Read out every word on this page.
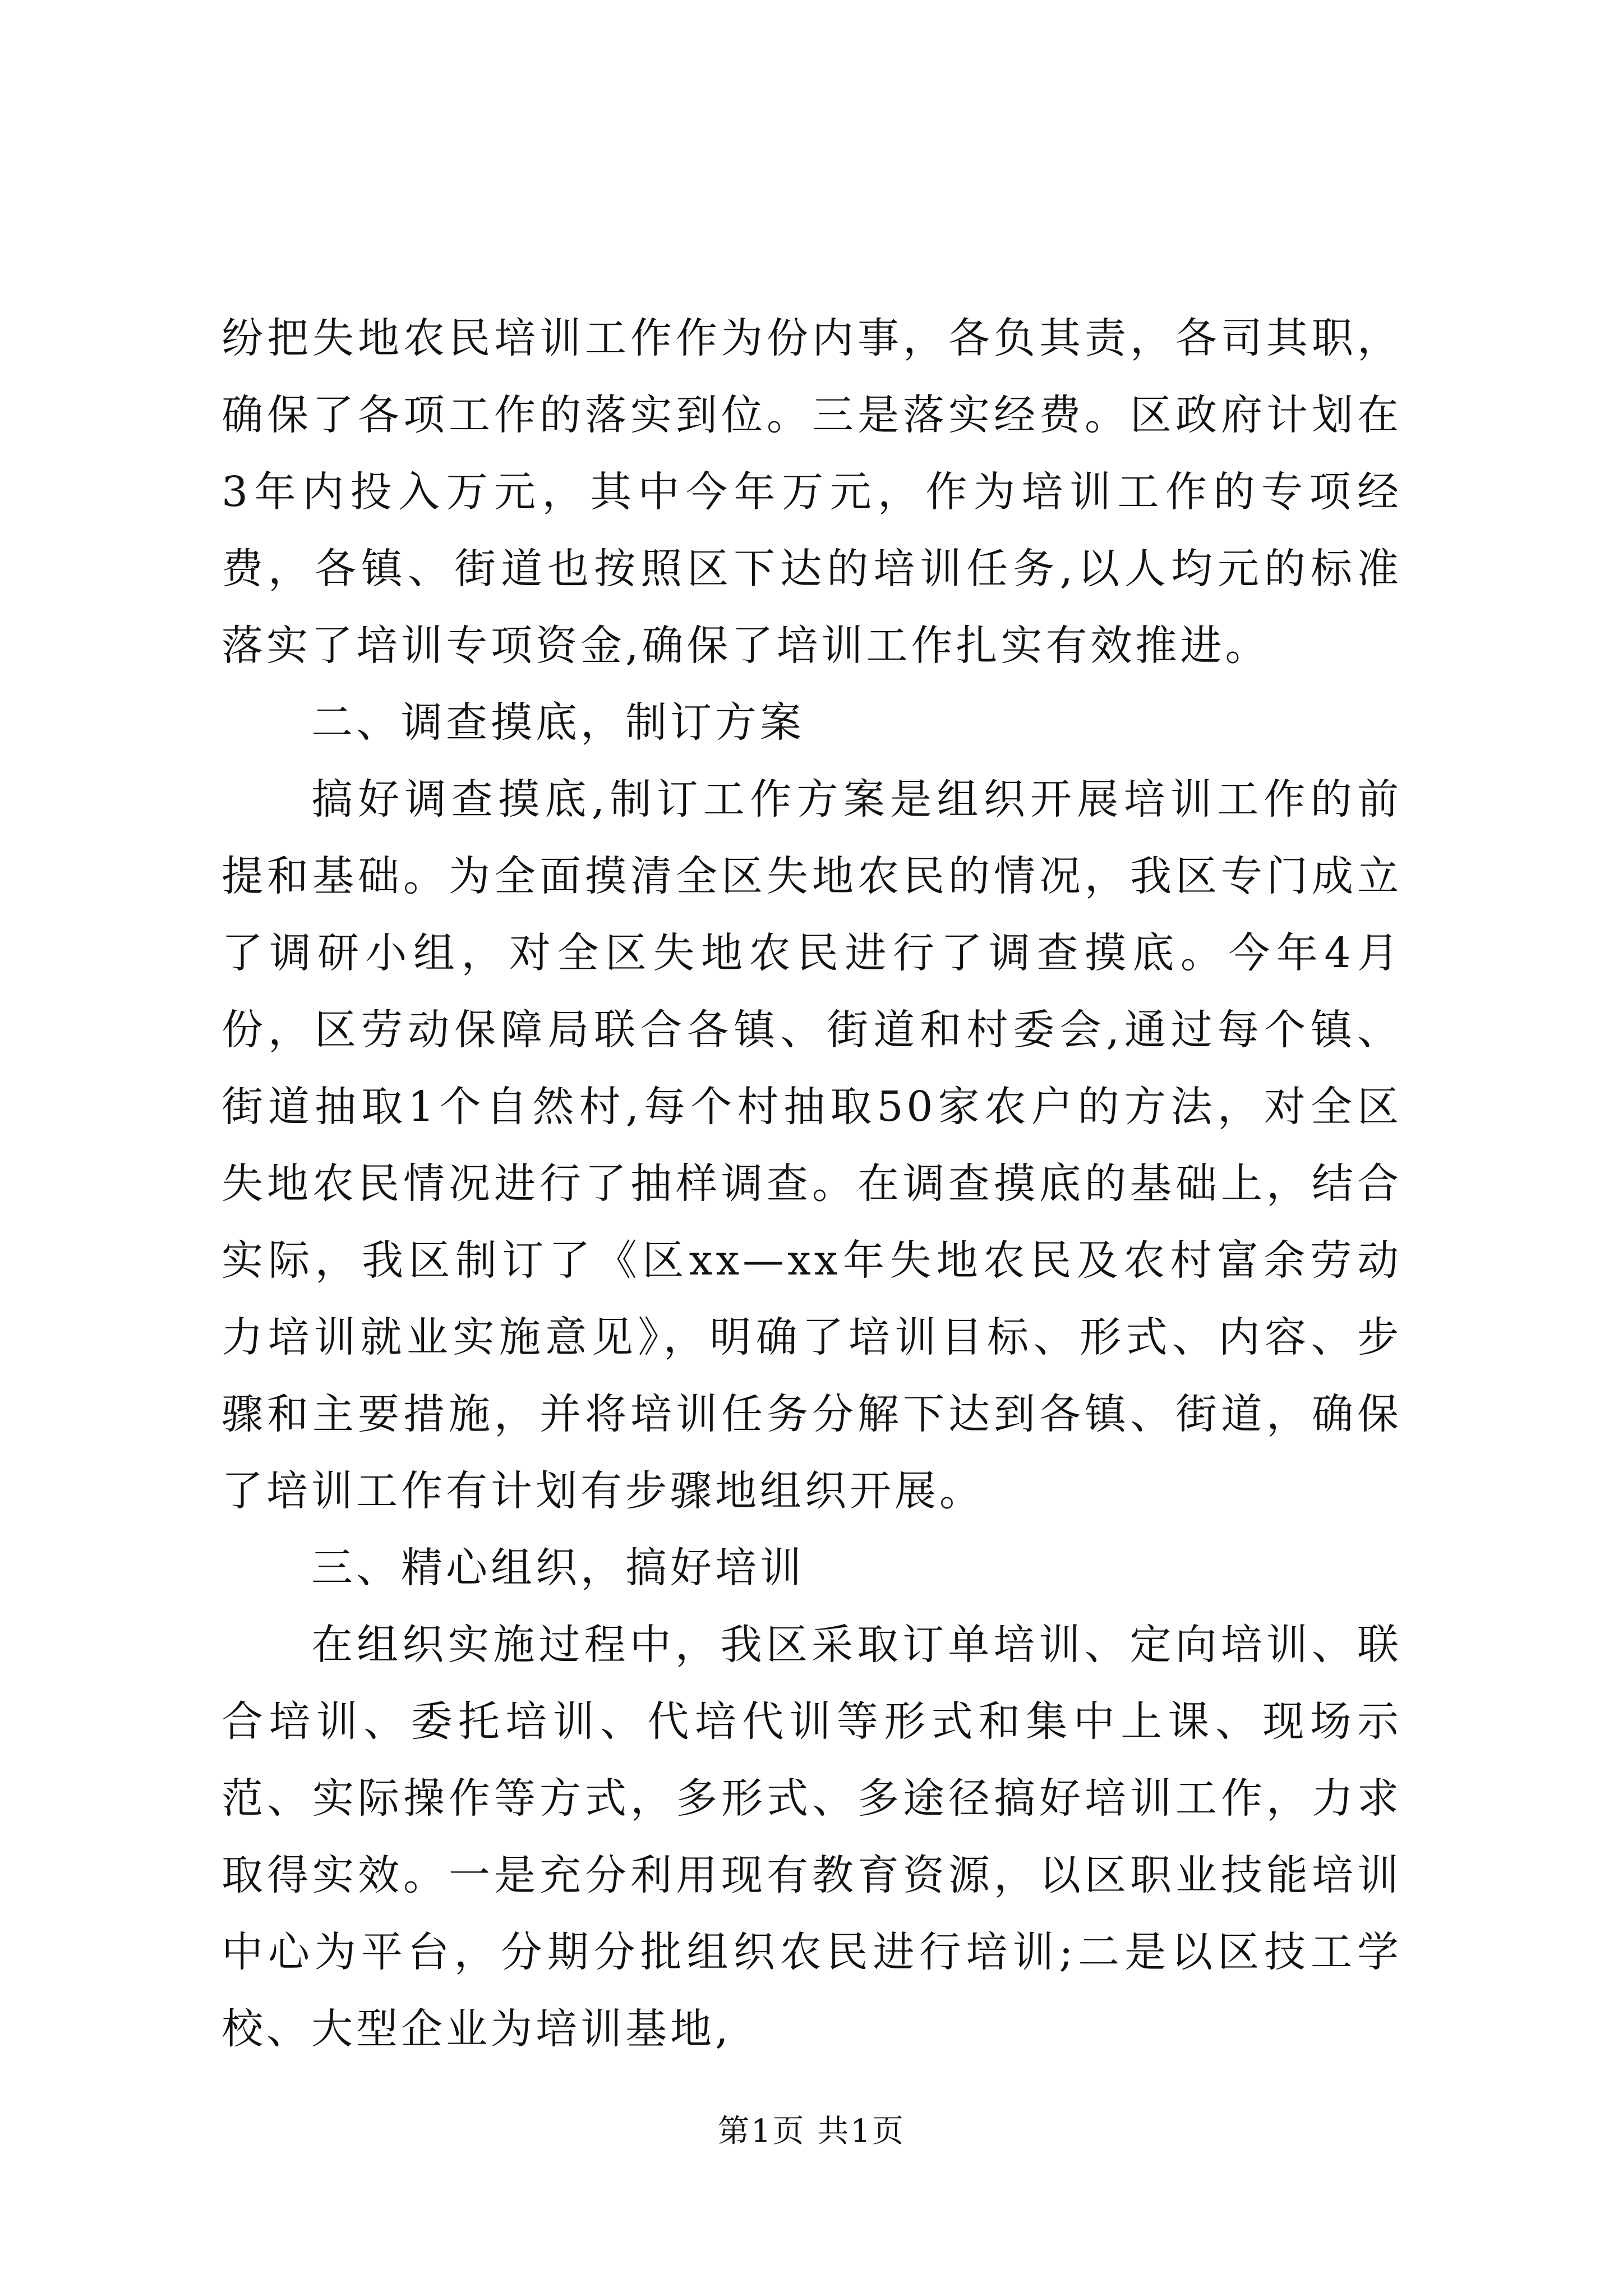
纷把失地农民培训工作作为份内事，各负其责，各司其职，确保了各项工作的落实到位。三是落实经费。区政府计划在3年内投入万元，其中今年万元，作为培训工作的专项经费，各镇、街道也按照区下达的培训任务,以人均元的标准落实了培训专项资金,确保了培训工作扎实有效推进。

二、调查摸底，制订方案

搞好调查摸底,制订工作方案是组织开展培训工作的前提和基础。为全面摸清全区失地农民的情况，我区专门成立了调研小组，对全区失地农民进行了调查摸底。今年4月份，区劳动保障局联合各镇、街道和村委会,通过每个镇、街道抽取1个自然村,每个村抽取50家农户的方法，对全区失地农民情况进行了抽样调查。在调查摸底的基础上，结合实际，我区制订了《区xx—xx年失地农民及农村富余劳动力培训就业实施意见》，明确了培训目标、形式、内容、步骤和主要措施，并将培训任务分解下达到各镇、街道，确保了培训工作有计划有步骤地组织开展。

三、精心组织，搞好培训

在组织实施过程中，我区采取订单培训、定向培训、联合培训、委托培训、代培代训等形式和集中上课、现场示范、实际操作等方式，多形式、多途径搞好培训工作，力求取得实效。一是充分利用现有教育资源，以区职业技能培训中心为平台，分期分批组织农民进行培训;二是以区技工学校、大型企业为培训基地,

第1页 共1页
